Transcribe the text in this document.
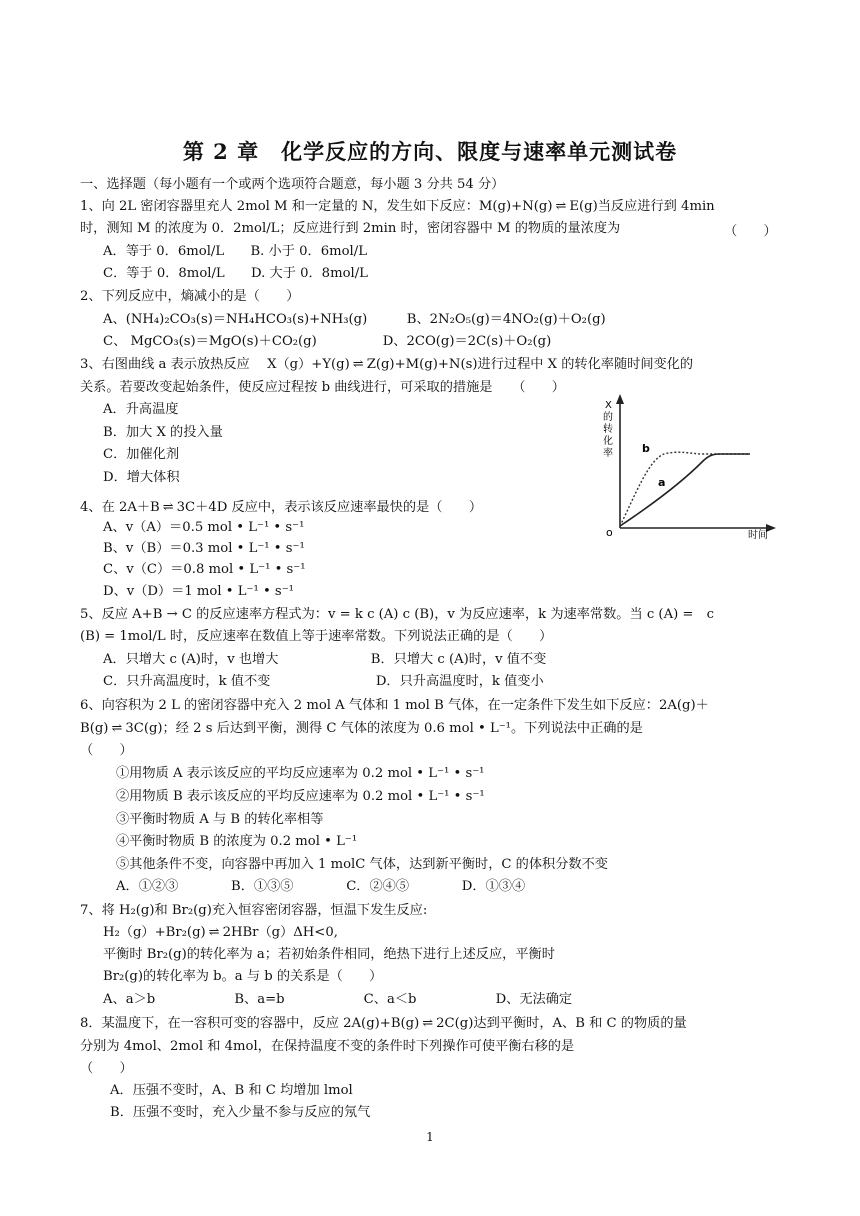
第 2 章　化学反应的方向、限度与速率单元测试卷
一、选择题（每小题有一个或两个选项符合题意，每小题 3 分共 54 分）
1、向 2L 密闭容器里充人 2mol M 和一定量的 N，发生如下反应：M(g)+N(g) ⇌ E(g)当反应进行到 4min
时，测知 M 的浓度为 0．2mol/L；反应进行到 2min 时，密闭容器中 M 的物质的量浓度为	（　　）
A．等于 0．6mol/L　　B. 小于 0．6mol/L
C．等于 0．8mol/L　　D. 大于 0．8mol/L
2、下列反应中，熵减小的是（　　）
A、(NH₄)₂CO₃(s)＝NH₄HCO₃(s)+NH₃(g)　　　B、2N₂O₅(g)＝4NO₂(g)＋O₂(g)
C、 MgCO₃(s)＝MgO(s)＋CO₂(g)　　　　　D、2CO(g)＝2C(s)＋O₂(g)
3、右图曲线 a 表示放热反应　 X（g）+Y(g) ⇌ Z(g)+M(g)+N(s)进行过程中 X 的转化率随时间变化的
关系。若要改变起始条件，使反应过程按 b 曲线进行，可采取的措施是　　（　　）
A．升高温度
B．加大 X 的投入量
C．加催化剂
D．增大体积
X
的
转
化
率
o	时间
b
a
4、在 2A＋B ⇌ 3C＋4D 反应中，表示该反应速率最快的是（　　）
A、v（A）＝0.5 mol • L⁻¹ • s⁻¹
B、v（B）＝0.3 mol • L⁻¹ • s⁻¹
C、v（C）＝0.8 mol • L⁻¹ • s⁻¹
D、v（D）＝1 mol • L⁻¹ • s⁻¹
5、反应 A+B → C 的反应速率方程式为：v = k c (A) c (B)，v 为反应速率，k 为速率常数。当 c (A) =　c
(B) = 1mol/L 时，反应速率在数值上等于速率常数。下列说法正确的是（　　）
A．只增大 c (A)时，v 也增大　　　　　　　B．只增大 c (A)时，v 值不变
C．只升高温度时，k 值不变　　　　　　　　D．只升高温度时，k 值变小
6、向容积为 2 L 的密闭容器中充入 2 mol A 气体和 1 mol B 气体，在一定条件下发生如下反应：2A(g)＋
B(g) ⇌ 3C(g)；经 2 s 后达到平衡，测得 C 气体的浓度为 0.6 mol • L⁻¹。下列说法中正确的是
（　　）
①用物质 A 表示该反应的平均反应速率为 0.2 mol • L⁻¹ • s⁻¹
②用物质 B 表示该反应的平均反应速率为 0.2 mol • L⁻¹ • s⁻¹
③平衡时物质 A 与 B 的转化率相等
④平衡时物质 B 的浓度为 0.2 mol • L⁻¹
⑤其他条件不变，向容器中再加入 1 molC 气体，达到新平衡时，C 的体积分数不变
A．①②③　　　　B．①③⑤　　　　C．②④⑤　　　　D．①③④
7、将 H₂(g)和 Br₂(g)充入恒容密闭容器，恒温下发生反应:
H₂（g）+Br₂(g) ⇌ 2HBr（g）ΔH<0,
平衡时 Br₂(g)的转化率为 a；若初始条件相同，绝热下进行上述反应，平衡时
Br₂(g)的转化率为 b。a 与 b 的关系是（　　）
A、a＞b　　　　　　B、a=b　　　　　　C、a＜b　　　　　　D、无法确定
8．某温度下，在一容积可变的容器中，反应 2A(g)+B(g) ⇌ 2C(g)达到平衡时，A、B 和 C 的物质的量
分别为 4mol、2mol 和 4mol，在保持温度不变的条件时下列操作可使平衡右移的是
（　　）
A．压强不变时，A、B 和 C 均增加 lmol
B．压强不变时，充入少量不参与反应的氖气
1
